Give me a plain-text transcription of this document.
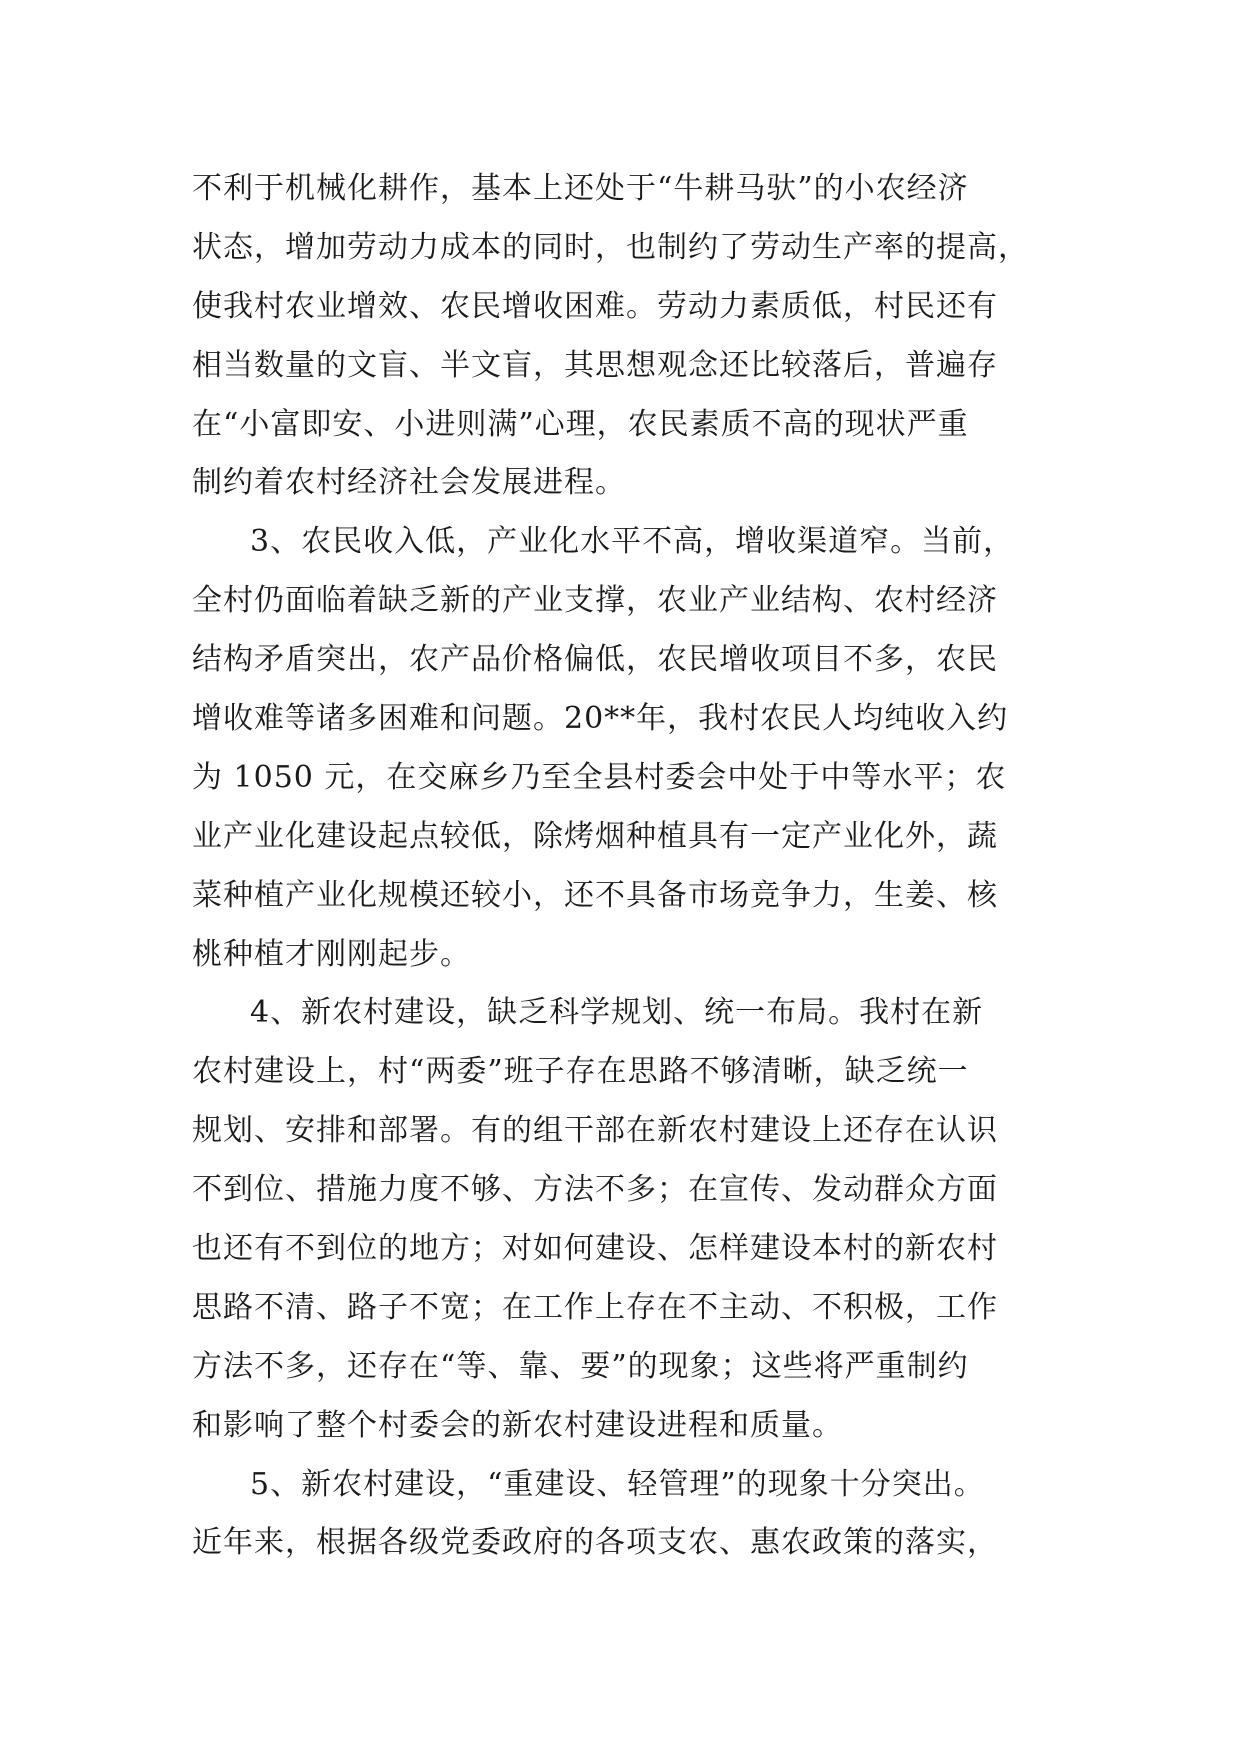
不利于机械化耕作，基本上还处于“牛耕马驮”的小农经济
状态，增加劳动力成本的同时，也制约了劳动生产率的提高，
使我村农业增效、农民增收困难。劳动力素质低，村民还有
相当数量的文盲、半文盲，其思想观念还比较落后，普遍存
在“小富即安、小进则满”心理，农民素质不高的现状严重
制约着农村经济社会发展进程。
3、农民收入低，产业化水平不高，增收渠道窄。当前，
全村仍面临着缺乏新的产业支撑，农业产业结构、农村经济
结构矛盾突出，农产品价格偏低，农民增收项目不多，农民
增收难等诸多困难和问题。20**年，我村农民人均纯收入约
为 1050 元，在交麻乡乃至全县村委会中处于中等水平；农
业产业化建设起点较低，除烤烟种植具有一定产业化外，蔬
菜种植产业化规模还较小，还不具备市场竞争力，生姜、核
桃种植才刚刚起步。
4、新农村建设，缺乏科学规划、统一布局。我村在新
农村建设上，村“两委”班子存在思路不够清晰，缺乏统一
规划、安排和部署。有的组干部在新农村建设上还存在认识
不到位、措施力度不够、方法不多；在宣传、发动群众方面
也还有不到位的地方；对如何建设、怎样建设本村的新农村
思路不清、路子不宽；在工作上存在不主动、不积极，工作
方法不多，还存在“等、靠、要”的现象；这些将严重制约
和影响了整个村委会的新农村建设进程和质量。
5、新农村建设，“重建设、轻管理”的现象十分突出。
近年来，根据各级党委政府的各项支农、惠农政策的落实，
